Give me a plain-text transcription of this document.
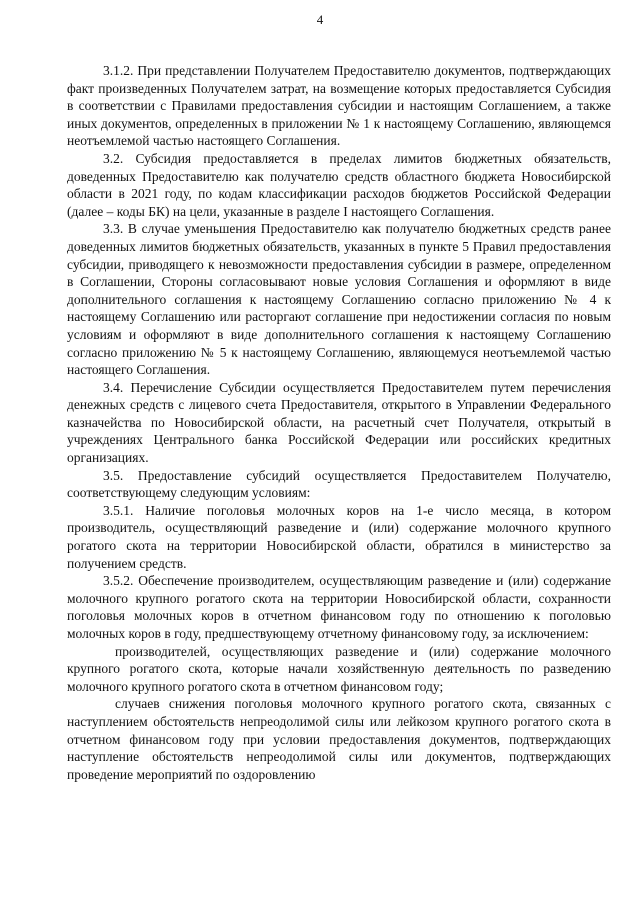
4

3.1.2. При представлении Получателем Предоставителю документов, подтверждающих факт произведенных Получателем затрат, на возмещение которых предоставляется Субсидия в соответствии с Правилами предоставления субсидии и настоящим Соглашением, а также иных документов, определенных в приложении № 1 к настоящему Соглашению, являющемся неотъемлемой частью настоящего Соглашения.

3.2. Субсидия предоставляется в пределах лимитов бюджетных обязательств, доведенных Предоставителю как получателю средств областного бюджета Новосибирской области в 2021 году, по кодам классификации расходов бюджетов Российской Федерации (далее – коды БК) на цели, указанные в разделе I настоящего Соглашения.

3.3. В случае уменьшения Предоставителю как получателю бюджетных средств ранее доведенных лимитов бюджетных обязательств, указанных в пункте 5 Правил предоставления субсидии, приводящего к невозможности предоставления субсидии в размере, определенном в Соглашении, Стороны согласовывают новые условия Соглашения и оформляют в виде дополнительного соглашения к настоящему Соглашению согласно приложению № 4 к настоящему Соглашению или расторгают соглашение при недостижении согласия по новым условиям и оформляют в виде дополнительного соглашения к настоящему Соглашению согласно приложению № 5 к настоящему Соглашению, являющемуся неотъемлемой частью настоящего Соглашения.

3.4. Перечисление Субсидии осуществляется Предоставителем путем перечисления денежных средств с лицевого счета Предоставителя, открытого в Управлении Федерального казначейства по Новосибирской области, на расчетный счет Получателя, открытый в учреждениях Центрального банка Российской Федерации или российских кредитных организациях.

3.5. Предоставление субсидий осуществляется Предоставителем Получателю, соответствующему следующим условиям:

3.5.1. Наличие поголовья молочных коров на 1-е число месяца, в котором производитель, осуществляющий разведение и (или) содержание молочного крупного рогатого скота на территории Новосибирской области, обратился в министерство за получением средств.

3.5.2. Обеспечение производителем, осуществляющим разведение и (или) содержание молочного крупного рогатого скота на территории Новосибирской области, сохранности поголовья молочных коров в отчетном финансовом году по отношению к поголовью молочных коров в году, предшествующему отчетному финансовому году, за исключением:

производителей, осуществляющих разведение и (или) содержание молочного крупного рогатого скота, которые начали хозяйственную деятельность по разведению молочного крупного рогатого скота в отчетном финансовом году;

случаев снижения поголовья молочного крупного рогатого скота, связанных с наступлением обстоятельств непреодолимой силы или лейкозом крупного рогатого скота в отчетном финансовом году при условии предоставления документов, подтверждающих наступление обстоятельств непреодолимой силы или документов, подтверждающих проведение мероприятий по оздоровлению
